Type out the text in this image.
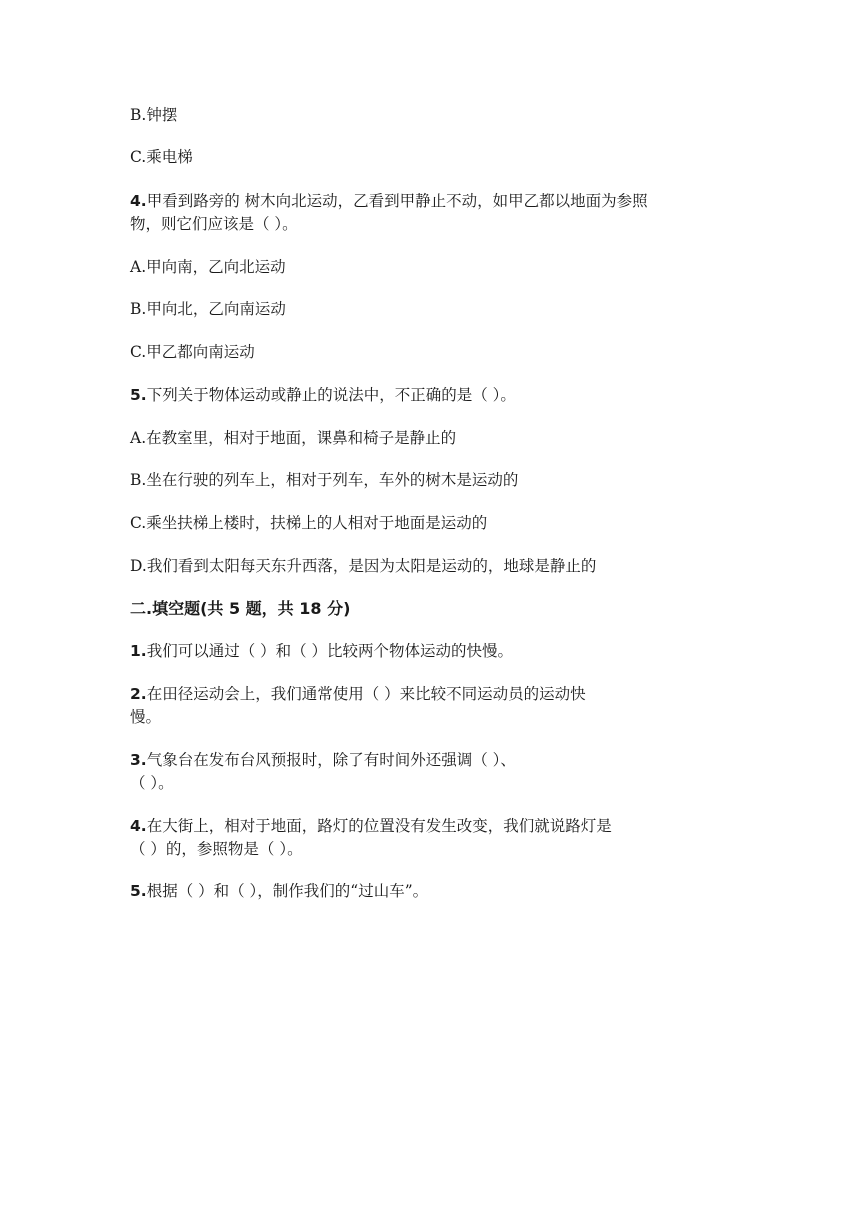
B.钟摆
C.乘电梯
4.甲看到路旁的 树木向北运动，乙看到甲静止不动，如甲乙都以地面为参照
物，则它们应该是（ ）。
A.甲向南，乙向北运动
B.甲向北，乙向南运动
C.甲乙都向南运动
5.下列关于物体运动或静止的说法中，不正确的是（ ）。
A.在教室里，相对于地面，课鼻和椅子是静止的
B.坐在行驶的列车上，相对于列车，车外的树木是运动的
C.乘坐扶梯上楼时，扶梯上的人相对于地面是运动的
D.我们看到太阳每天东升西落，是因为太阳是运动的，地球是静止的
二.填空题(共 5 题，共 18 分)
1.我们可以通过（ ）和（ ）比较两个物体运动的快慢。
2.在田径运动会上，我们通常使用（ ）来比较不同运动员的运动快
慢。
3.气象台在发布台风预报时，除了有时间外还强调（ ）、
（ ）。
4.在大街上，相对于地面，路灯的位置没有发生改变，我们就说路灯是
（ ）的，参照物是（ ）。
5.根据（ ）和（ ），制作我们的“过山车”。
